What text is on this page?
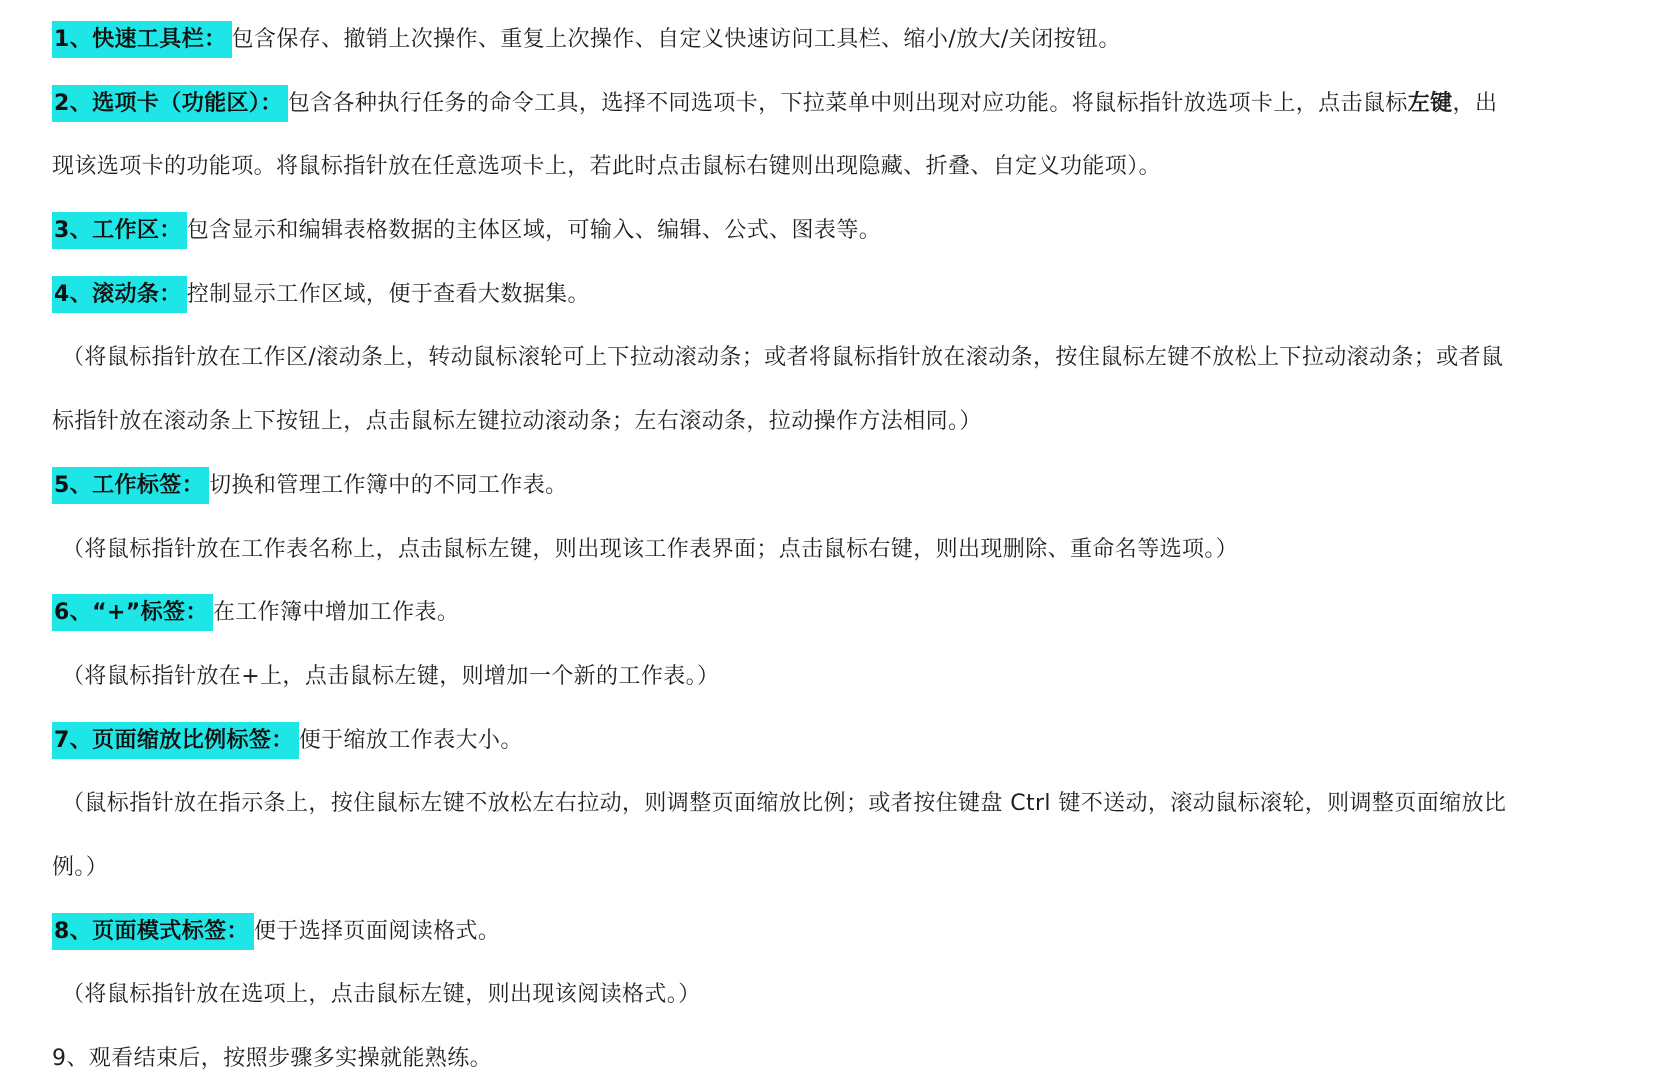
1、快速工具栏： 包含保存、撤销上次操作、重复上次操作、自定义快速访问工具栏、缩小/放大/关闭按钮。
2、选项卡（功能区）： 包含各种执行任务的命令工具，选择不同选项卡，下拉菜单中则出现对应功能。将鼠标指针放选项卡上，点击鼠标左键，出
现该选项卡的功能项。将鼠标指针放在任意选项卡上，若此时点击鼠标右键则出现隐藏、折叠、自定义功能项）。
3、工作区： 包含显示和编辑表格数据的主体区域，可输入、编辑、公式、图表等。
4、滚动条： 控制显示工作区域，便于查看大数据集。
（将鼠标指针放在工作区/滚动条上，转动鼠标滚轮可上下拉动滚动条；或者将鼠标指针放在滚动条，按住鼠标左键不放松上下拉动滚动条；或者鼠
标指针放在滚动条上下按钮上，点击鼠标左键拉动滚动条；左右滚动条，拉动操作方法相同。）
5、工作标签： 切换和管理工作簿中的不同工作表。
（将鼠标指针放在工作表名称上，点击鼠标左键，则出现该工作表界面；点击鼠标右键，则出现删除、重命名等选项。）
6、“+”标签： 在工作簿中增加工作表。
（将鼠标指针放在+上，点击鼠标左键，则增加一个新的工作表。）
7、页面缩放比例标签： 便于缩放工作表大小。
（鼠标指针放在指示条上，按住鼠标左键不放松左右拉动，则调整页面缩放比例；或者按住键盘 Ctrl 键不送动，滚动鼠标滚轮，则调整页面缩放比
例。）
8、页面模式标签： 便于选择页面阅读格式。
（将鼠标指针放在选项上，点击鼠标左键，则出现该阅读格式。）
9、观看结束后，按照步骤多实操就能熟练。
